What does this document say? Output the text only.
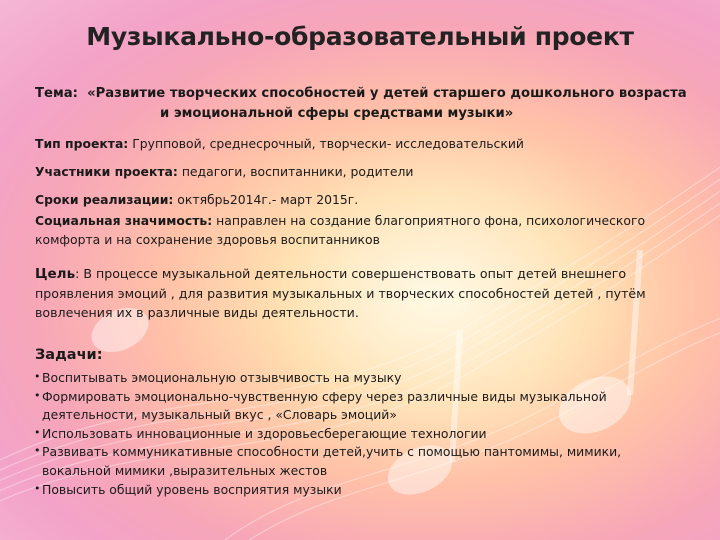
Музыкально-образовательный проект
Тема: «Развитие творческих способностей у детей старшего дошкольного возраста
и эмоциональной сферы средствами музыки»
Тип проекта: Групповой, среднесрочный, творчески- исследовательский
Участники проекта: педагоги, воспитанники, родители
Сроки реализации: октябрь2014г.- март 2015г.
Социальная значимость: направлен на создание благоприятного фона, психологического
комфорта и на сохранение здоровья воспитанников
Цель: В процессе музыкальной деятельности совершенствовать опыт детей внешнего
проявления эмоций , для развития музыкальных и творческих способностей детей , путём
вовлечения их в различные виды деятельности.
Задачи:
• Воспитывать эмоциональную отзывчивость на музыку
• Формировать эмоционально-чувственную сферу через различные виды музыкальной
деятельности, музыкальный вкус , «Словарь эмоций»
• Использовать инновационные и здоровьесберегающие технологии
• Развивать коммуникативные способности детей,учить с помощью пантомимы, мимики,
вокальной мимики ,выразительных жестов
• Повысить общий уровень восприятия музыки
